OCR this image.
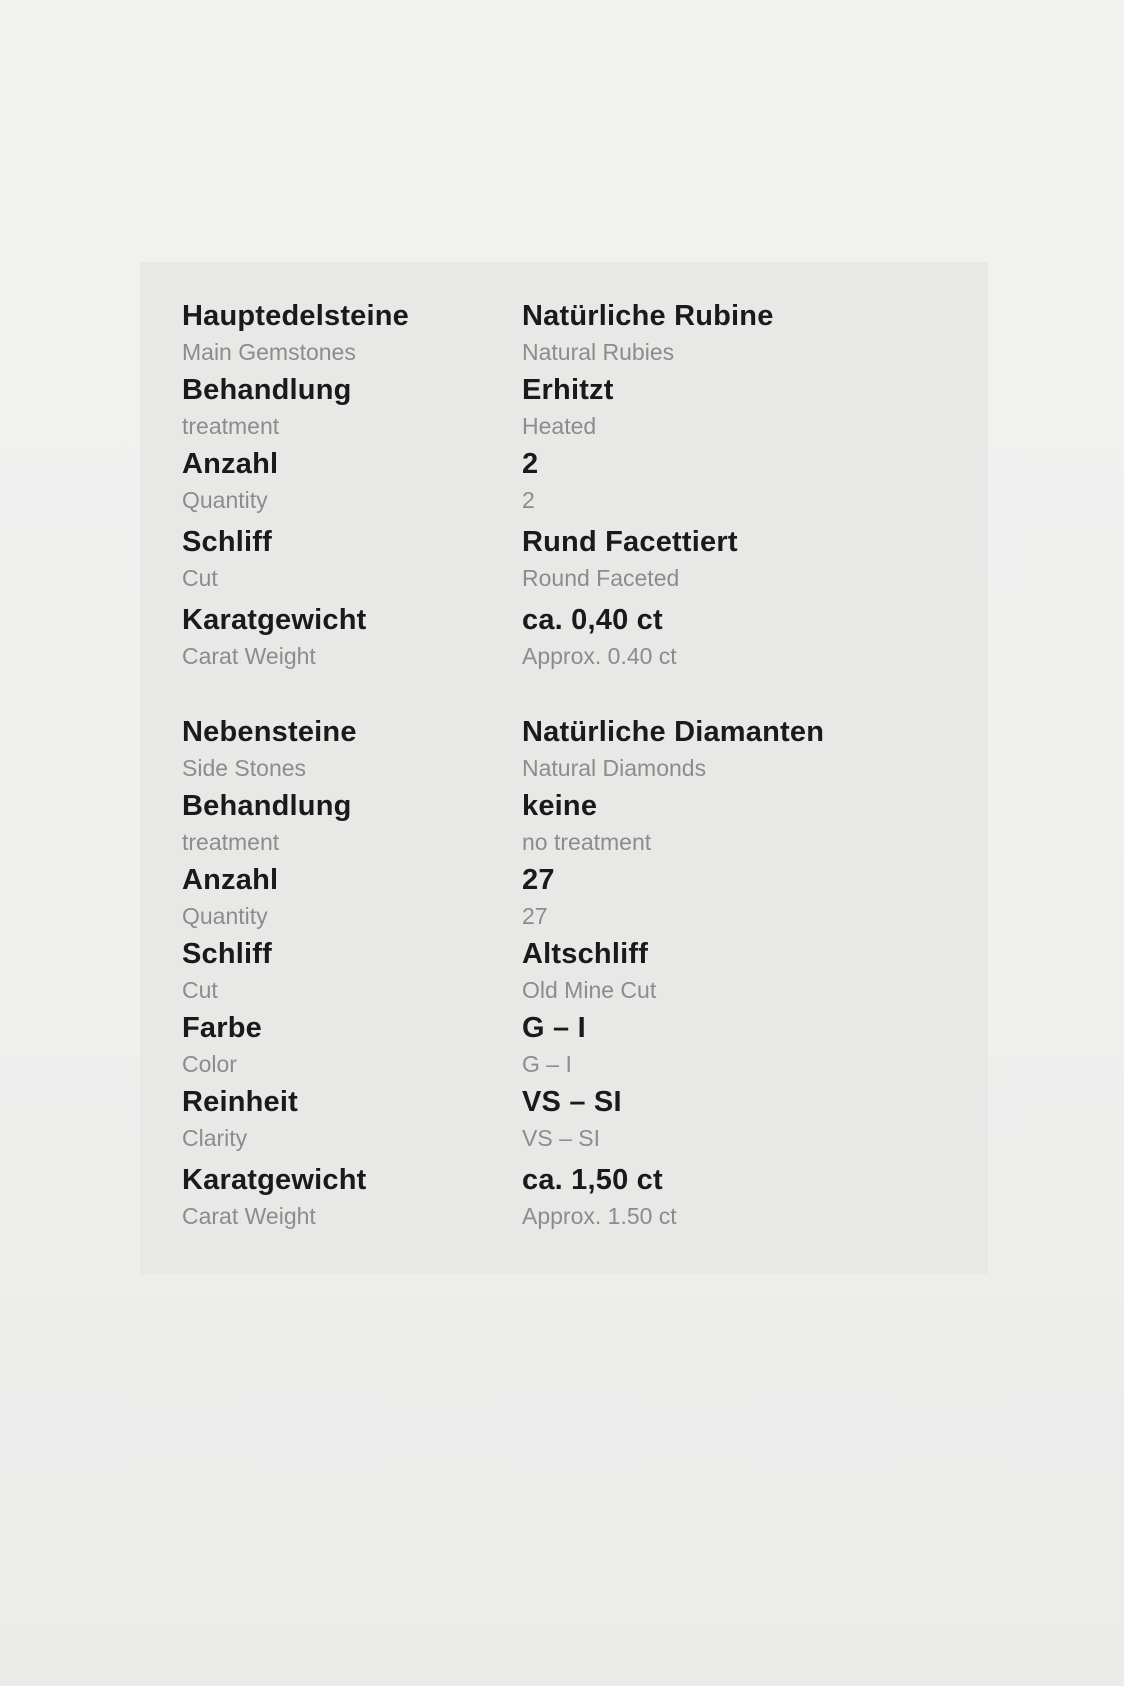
Hauptedelsteine
Main Gemstones
Natürliche Rubine
Natural Rubies
Behandlung
treatment
Erhitzt
Heated
Anzahl
Quantity
2
2
Schliff
Cut
Rund Facettiert
Round Faceted
Karatgewicht
Carat Weight
ca. 0,40 ct
Approx. 0.40 ct
Nebensteine
Side Stones
Natürliche Diamanten
Natural Diamonds
Behandlung
treatment
keine
no treatment
Anzahl
Quantity
27
27
Schliff
Cut
Altschliff
Old Mine Cut
Farbe
Color
G – I
G – I
Reinheit
Clarity
VS – SI
VS – SI
Karatgewicht
Carat Weight
ca. 1,50 ct
Approx. 1.50 ct
